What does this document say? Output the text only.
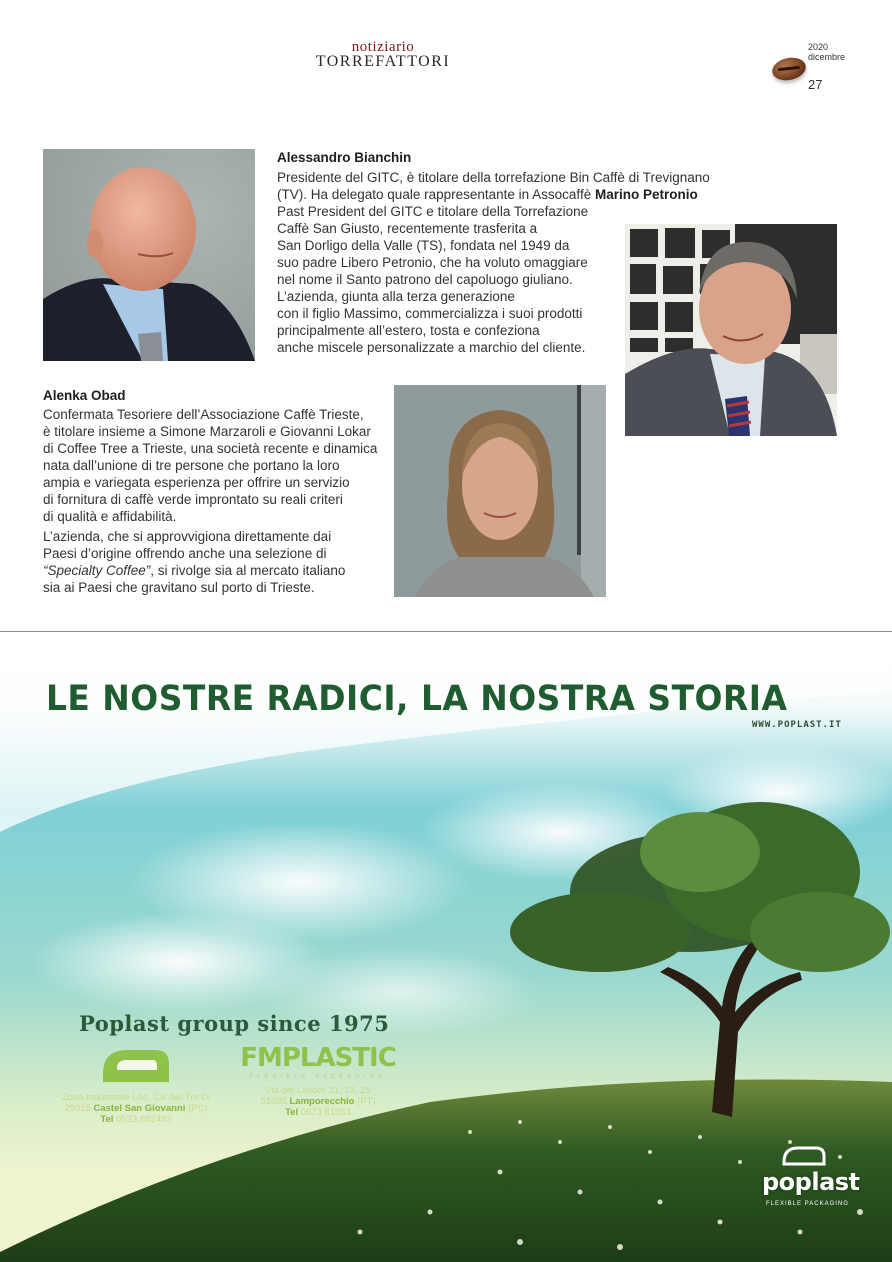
notiziario
TORREFATTORI
2020
dicembre
27
Alessandro Bianchin
Presidente del GITC, è titolare della torrefazione Bin Caffè di Trevignano
(TV). Ha delegato quale rappresentante in Assocaffè Marino Petronio
Past President del GITC e titolare della Torrefazione
Caffè San Giusto, recentemente trasferita a
San Dorligo della Valle (TS), fondata nel 1949 da
suo padre Libero Petronio, che ha voluto omaggiare
nel nome il Santo patrono del capoluogo giuliano.
L’azienda, giunta alla terza generazione
con il figlio Massimo, commercializza i suoi prodotti
principalmente all’estero, tosta e confeziona
anche miscele personalizzate a marchio del cliente.
Alenka Obad
Confermata Tesoriere dell’Associazione Caffè Trieste,
è titolare insieme a Simone Marzaroli e Giovanni Lokar
di Coffee Tree a Trieste, una società recente e dinamica
nata dall’unione di tre persone che portano la loro
ampia e variegata esperienza per offrire un servizio
di fornitura di caffè verde improntato su reali criteri
di qualità e affidabilità.
L’azienda, che si approvvigiona direttamente dai
Paesi d’origine offrendo anche una selezione di
“Specialty Coffee”, si rivolge sia al mercato italiano
sia ai Paesi che gravitano sul porto di Trieste.
LE NOSTRE RADICI, LA NOSTRA STORIA
WWW.POPLAST.IT
Poplast group since 1975
Zona Industriale Loc. Ca’ dei Tre Di
29015 Castel San Giovanni (PC)
Tel 0523 882492
FMPLASTIC
FLEXIBLE PACKAGING
Via del Lavoro 21, 23, 25
51035 Lamporecchio (PT)
Tel 0573 81053
poplast
FLEXIBLE PACKAGING
